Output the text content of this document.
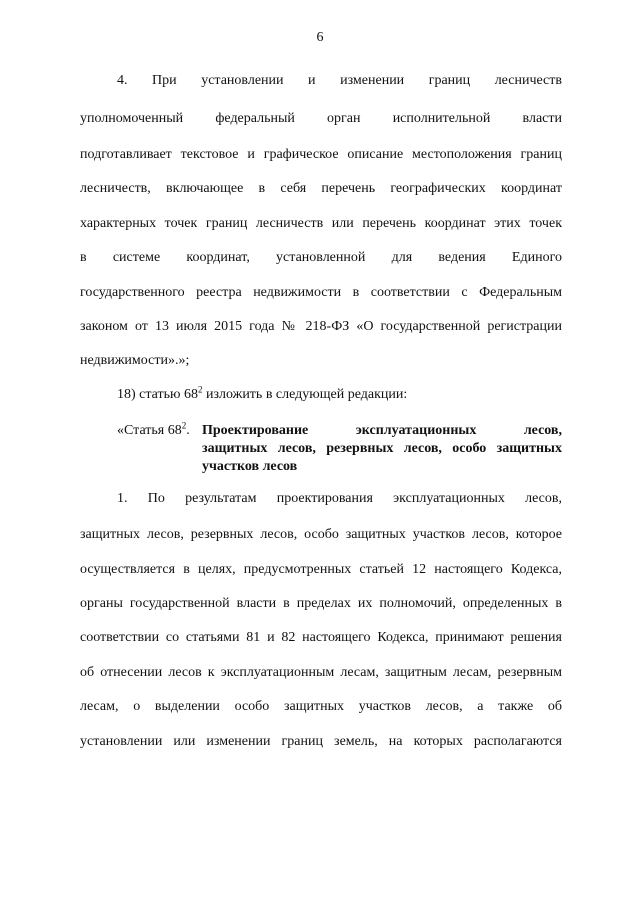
6
4. При установлении и изменении границ лесничеств
уполномоченный федеральный орган исполнительной власти
подготавливает текстовое и графическое описание местоположения границ
лесничеств, включающее в себя перечень географических координат
характерных точек границ лесничеств или перечень координат этих точек
в системе координат, установленной для ведения Единого
государственного реестра недвижимости в соответствии с Федеральным
законом от 13 июля 2015 года № 218-ФЗ «О государственной регистрации
недвижимости».»;
18) статью $68^2$ изложить в следующей редакции:
«Статья $68^2$. Проектирование эксплуатационных лесов,
защитных лесов, резервных лесов, особо защитных
участков лесов
1. По результатам проектирования эксплуатационных лесов,
защитных лесов, резервных лесов, особо защитных участков лесов, которое
осуществляется в целях, предусмотренных статьей 12 настоящего Кодекса,
органы государственной власти в пределах их полномочий, определенных в
соответствии со статьями 81 и 82 настоящего Кодекса, принимают решения
об отнесении лесов к эксплуатационным лесам, защитным лесам, резервным
лесам, о выделении особо защитных участков лесов, а также об
установлении или изменении границ земель, на которых располагаются
